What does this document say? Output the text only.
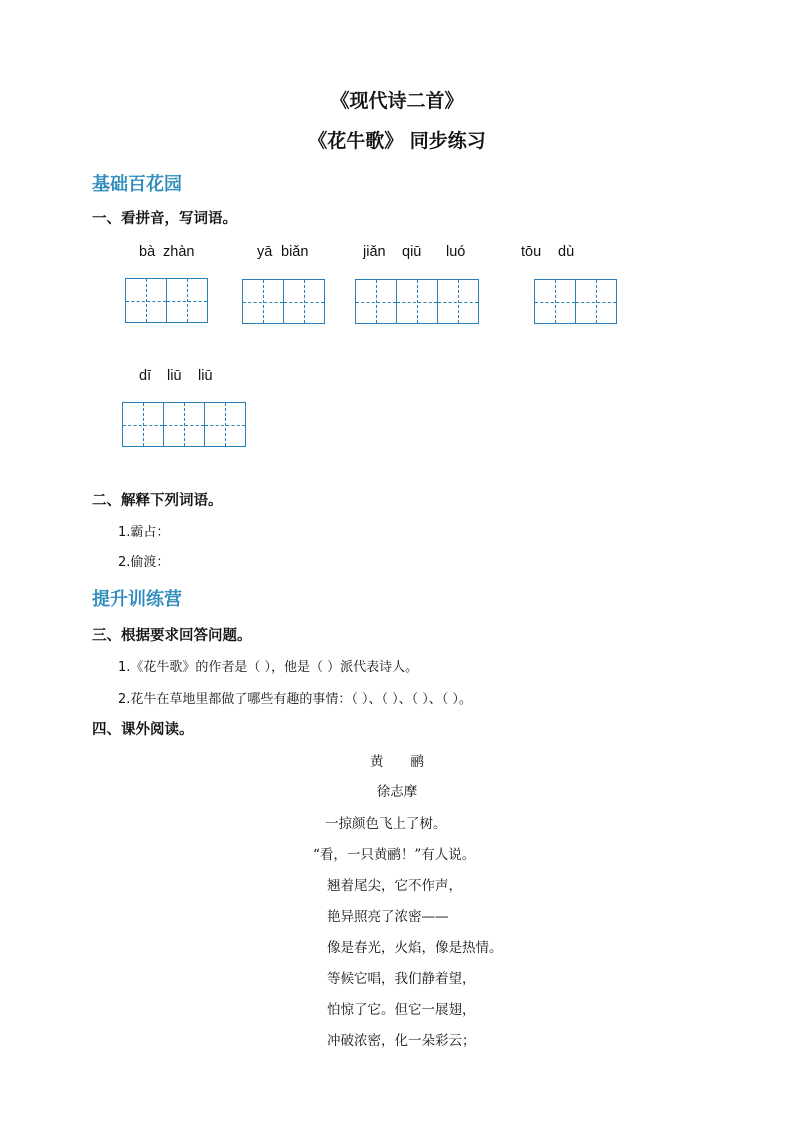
《现代诗二首》
《花牛歌》 同步练习
基础百花园
一、看拼音，写词语。
bà zhàn	yā biǎn	jiǎn qiū luó	tōu dù
dī liū liū
二、解释下列词语。
1.霸占：
2.偷渡：
提升训练营
三、根据要求回答问题。
1.《花牛歌》的作者是（ ），他是（ ）派代表诗人。
2.花牛在草地里都做了哪些有趣的事情：（ ）、（ ）、（ ）、（ ）。
四、课外阅读。
黄　　鹂
徐志摩
一掠颜色飞上了树。
“看，一只黄鹂！”有人说。
翘着尾尖，它不作声，
艳异照亮了浓密——
像是春光，火焰，像是热情。
等候它唱，我们静着望，
怕惊了它。但它一展翅，
冲破浓密，化一朵彩云；
